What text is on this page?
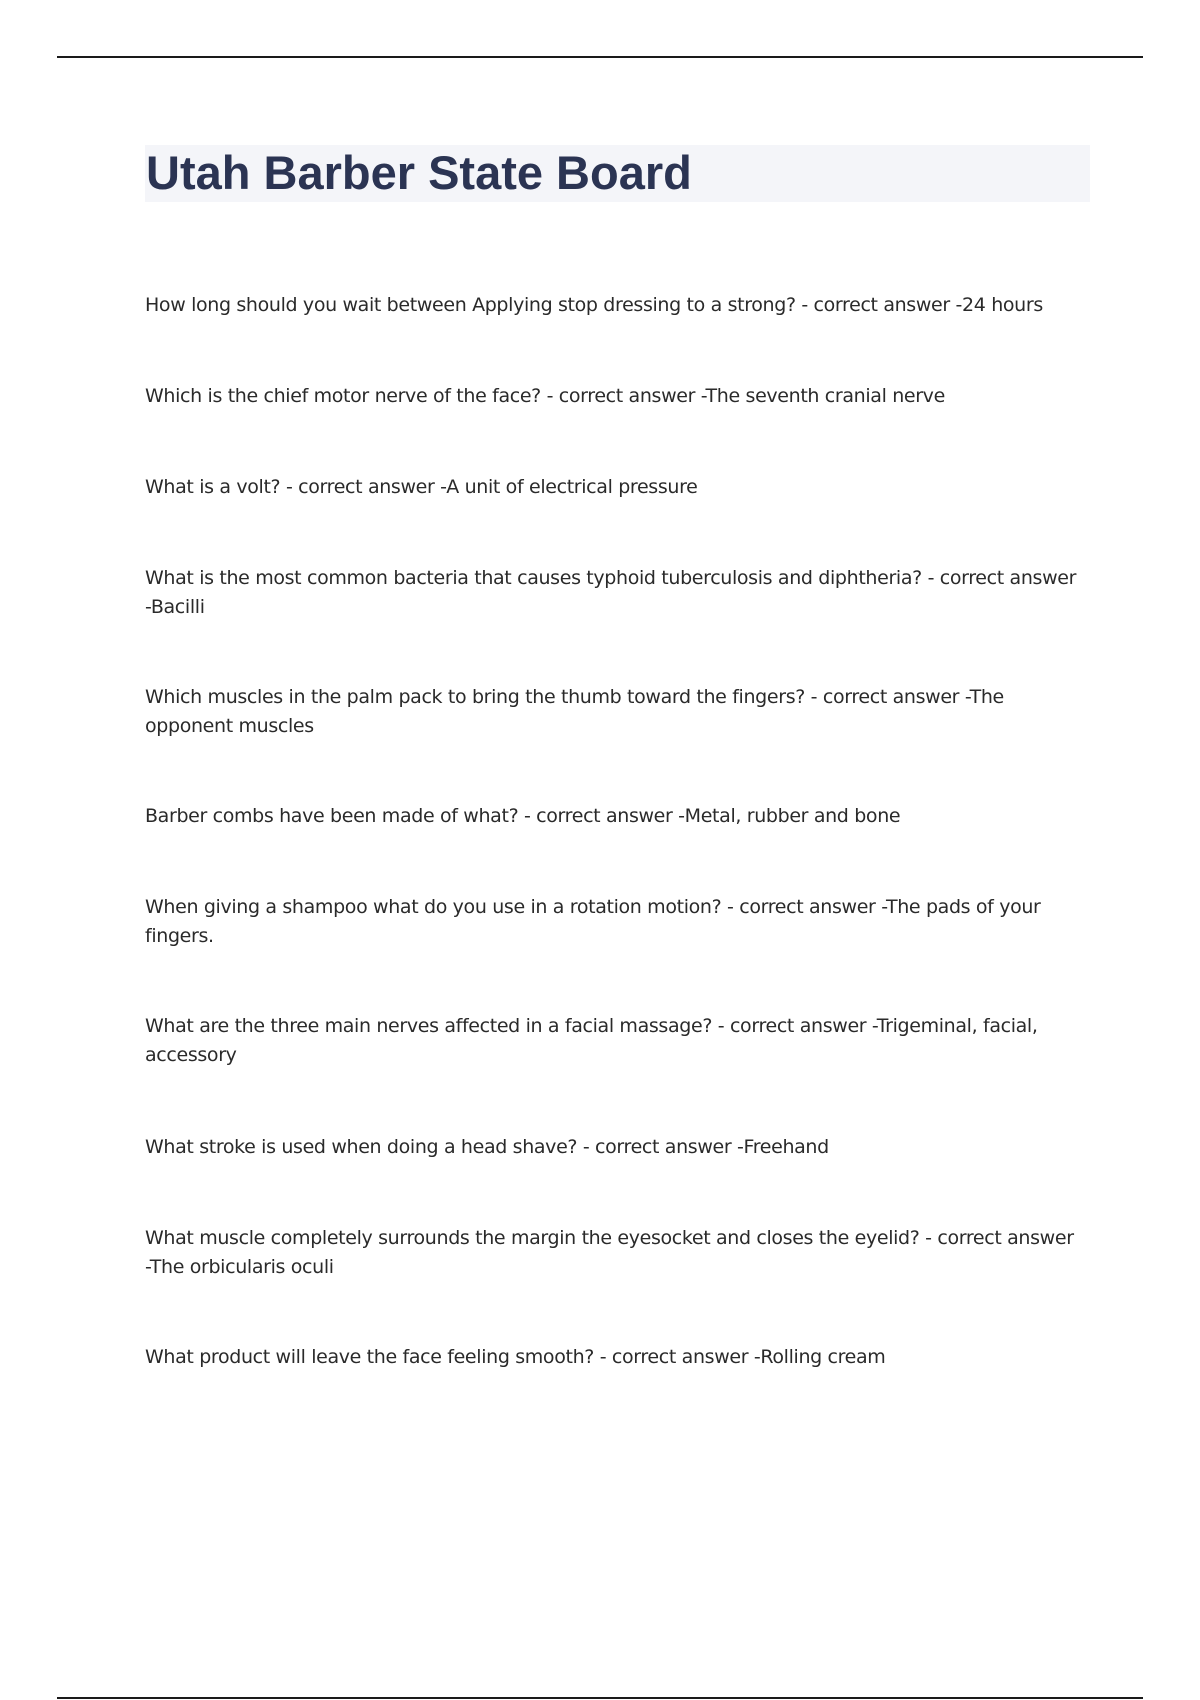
Utah Barber State Board

How long should you wait between Applying stop dressing to a strong? - correct answer -24 hours

Which is the chief motor nerve of the face? - correct answer -The seventh cranial nerve

What is a volt? - correct answer -A unit of electrical pressure

What is the most common bacteria that causes typhoid tuberculosis and diphtheria? - correct answer -Bacilli

Which muscles in the palm pack to bring the thumb toward the fingers? - correct answer -The opponent muscles

Barber combs have been made of what? - correct answer -Metal, rubber and bone

When giving a shampoo what do you use in a rotation motion? - correct answer -The pads of your fingers.

What are the three main nerves affected in a facial massage? - correct answer -Trigeminal, facial, accessory

What stroke is used when doing a head shave? - correct answer -Freehand

What muscle completely surrounds the margin the eyesocket and closes the eyelid? - correct answer -The orbicularis oculi

What product will leave the face feeling smooth? - correct answer -Rolling cream
